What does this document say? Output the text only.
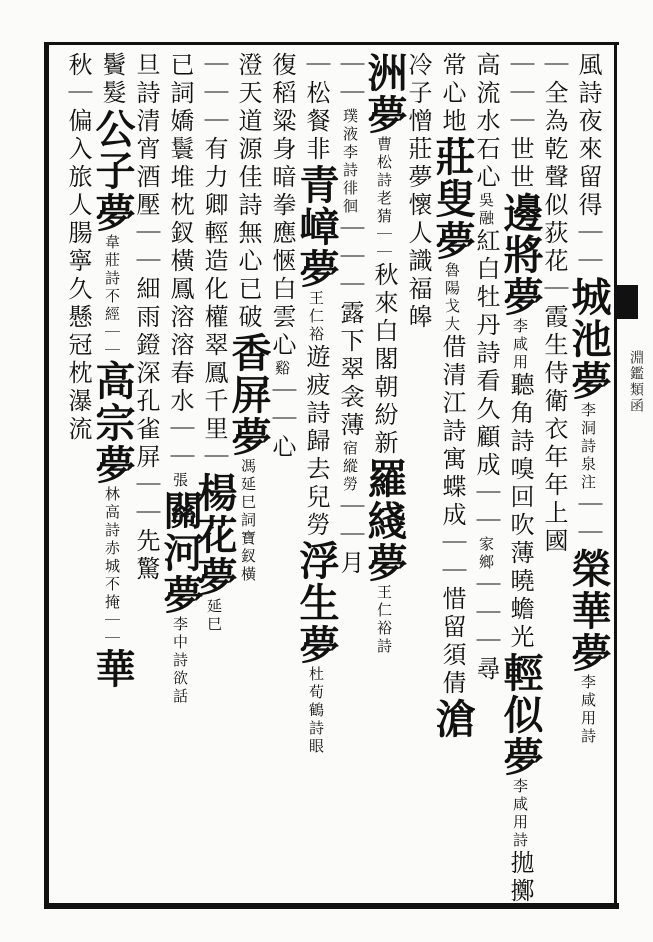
淵鑑類函
風詩夜來留得｜｜城池夢李洞詩泉注｜｜榮華夢李咸用詩
｜全為乾聲似荻花｜霞生侍衛衣年年上國
｜｜｜世世邊將夢李咸用聽角詩嗅回吹薄曉蟾光輕似夢李咸用詩拋擲
高流水石心吳融紅白牡丹詩看久顧成｜｜家鄉｜｜｜尋
常心地莊叟夢魯陽戈大借清江詩寓蝶成｜｜惜留須倩滄
冷子憎莊夢懷人識福皞
洲夢曹松詩老猜｜｜秋來白閣朝紛新羅綫夢王仁裕詩
｜｜璞液李詩徘徊｜｜｜露下翠衾薄宿縱勞｜｜月
｜松餐非青嶂夢王仁裕遊疲詩歸去兒勞浮生夢杜荀鶴詩眼
復稻粱身暗拳應愜白雲心谿｜｜心
澄天道源佳詩無心已破香屏夢馮延巳詞寶釵橫
｜｜｜有力卿輕造化權翠鳳千里｜楊花夢延巳
已詞嬌鬟堆枕釵橫鳳溶溶春水｜｜張關河夢李中詩欲話
旦詩清宵酒壓｜｜細雨鐙深孔雀屏｜｜先驚
鬢髮公子夢韋莊詩不經｜｜高宗夢林高詩赤城不掩｜｜華
秋｜偏入旅人腸寧久懸冠枕瀑流
